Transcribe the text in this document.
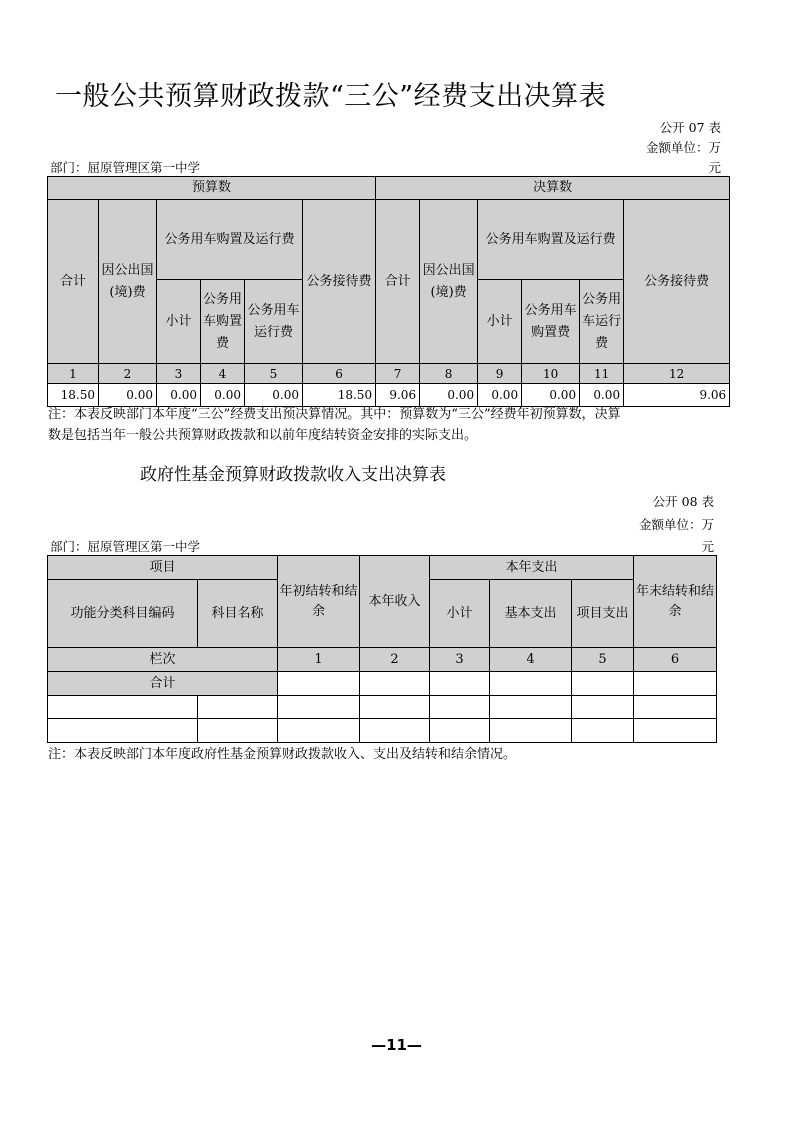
一般公共预算财政拨款“三公”经费支出决算表
公开 07 表
金额单位：万
部门：屈原管理区第一中学	元
预算数						决算数					
合计	因公出国(境)费	公务用车购置及运行费			公务接待费	合计	因公出国(境)费	公务用车购置及运行费			公务接待费
		小计	公务用车购置费	公务用车运行费				小计	公务用车购置费	公务用车运行费	
1	2	3	4	5	6	7	8	9	10	11	12
18.50	0.00	0.00	0.00	0.00	18.50	9.06	0.00	0.00	0.00	0.00	9.06
注：本表反映部门本年度“三公”经费支出预决算情况。其中：预算数为“三公”经费年初预算数，决算
数是包括当年一般公共预算财政拨款和以前年度结转资金安排的实际支出。
政府性基金预算财政拨款收入支出决算表
公开 08 表
金额单位：万
部门：屈原管理区第一中学	元
项目		年初结转和结余	本年收入	本年支出			年末结转和结余
功能分类科目编码	科目名称			小计	基本支出	项目支出	
栏次		1	2	3	4	5	6
合计							

注：本表反映部门本年度政府性基金预算财政拨款收入、支出及结转和结余情况。
—11—
